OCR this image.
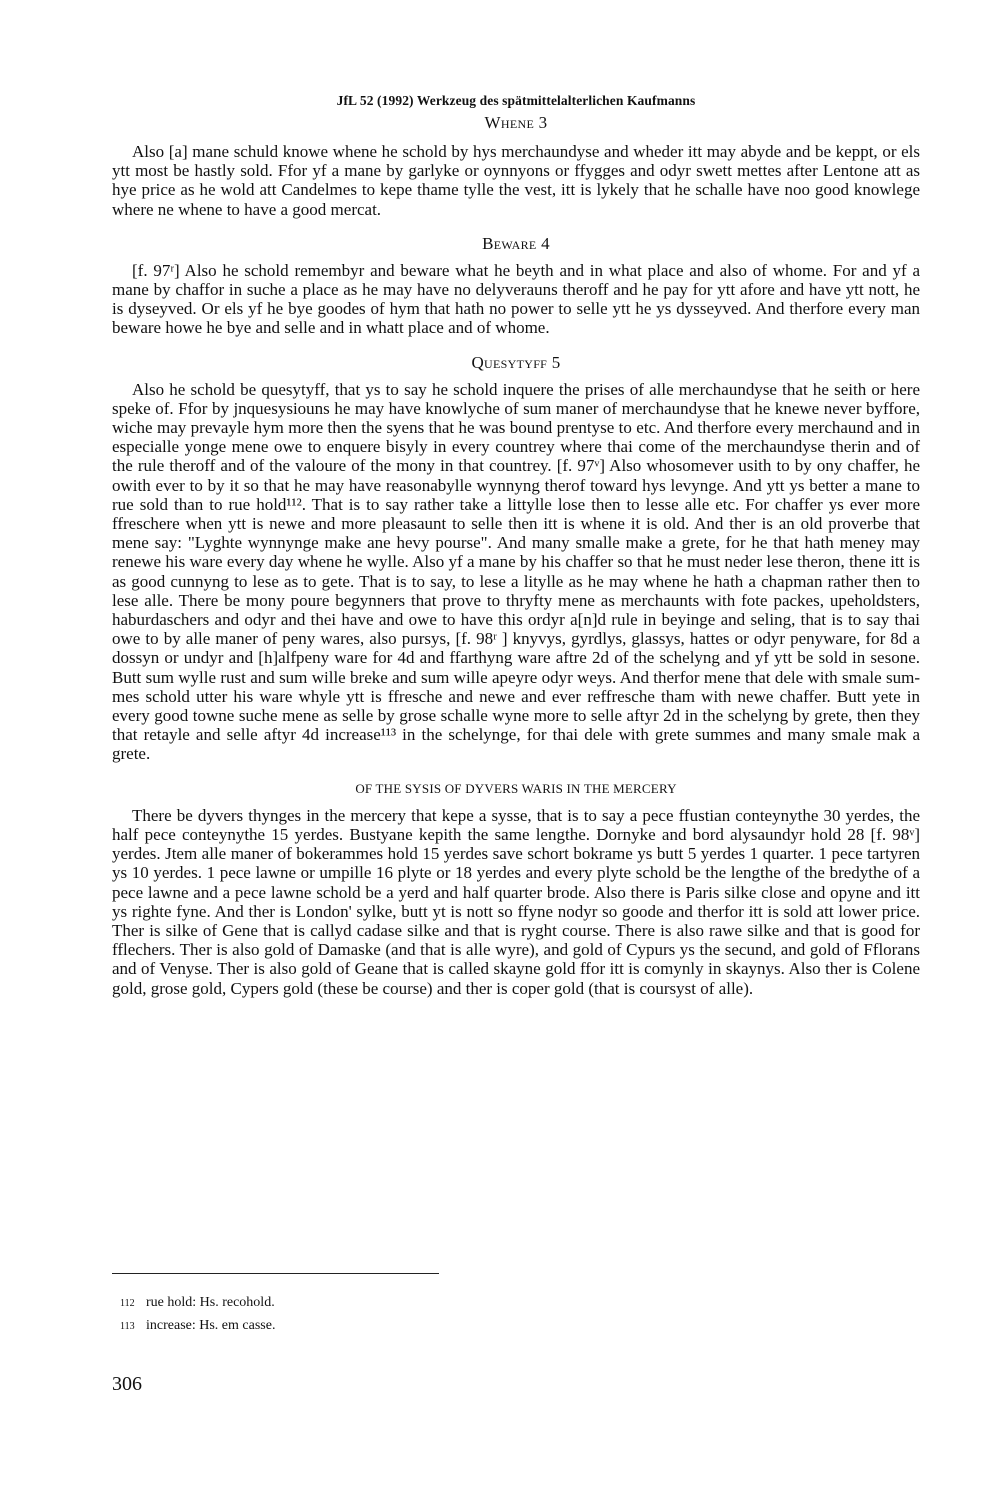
JfL 52 (1992) Werkzeug des spätmittelalterlichen Kaufmanns

Whene 3

Also [a] mane schuld knowe whene he schold by hys merchaundyse and wheder itt may abyde and be keppt, or els ytt most be hastly sold. Ffor yf a mane by garlyke or oynnyons or ffygges and odyr swett mettes after Lentone att as hye price as he wold att Candelmes to kepe thame tylle the vest, itt is lykely that he schalle have noo good knowlege where ne whene to have a good mercat.

Beware 4

[f. 97ʳ] Also he schold remembyr and beware what he beyth and in what place and also of whome. For and yf a mane by chaffor in suche a place as he may have no delyverauns theroff and he pay for ytt afore and have ytt nott, he is dyseyved. Or els yf he bye goodes of hym that hath no power to selle ytt he ys dysseyved. And therfore every man beware howe he bye and selle and in whatt place and of whome.

Quesytyff 5

Also he schold be quesytyff, that ys to say he schold inquere the prises of alle merchaundyse that he seith or here speke of. Ffor by jnquesysiouns he may have knowlyche of sum maner of merchaundyse that he knewe never byffore, wiche may prevayle hym more then the syens that he was bound prentyse to etc. And therfore every merchaund and in especialle yonge mene owe to enquere bisyly in every countrey where thai come of the merchaundyse therin and of the rule theroff and of the valoure of the mony in that countrey. [f. 97ᵛ] Also whosomever usith to by ony chaffer, he owith ever to by it so that he may have reasonabylle wynnyng therof toward hys levynge. And ytt ys better a mane to rue sold than to rue hold¹¹². That is to say rather take a littylle lose then to lesse alle etc. For chaffer ys ever more ffreschere when ytt is newe and more pleasaunt to selle then itt is whene it is old. And ther is an old proverbe that mene say: "Lyghte wynnynge make ane hevy pourse". And many smalle make a grete, for he that hath meney may renewe his ware every day whene he wylle. Also yf a mane by his chaffer so that he must neder lese theron, thene itt is as good cunnyng to lese as to gete. That is to say, to lese a lityllе as he may whene he hath a chapman rather then to lese alle. There be mony poure begynners that prove to thryfty mene as merchaunts with fote packes, upeholdsters, haburdaschers and odyr and thei have and owe to have this ordyr a[n]d rule in beyinge and seling, that is to say thai owe to by alle maner of peny wares, also pursys, [f. 98ʳ ] knyvys, gyrdlys, glassys, hattes or odyr penyware, for 8d a dossyn or undyr and [h]alfpeny ware for 4d and ffarthyng ware aftre 2d of the schelyng and yf ytt be sold in sesone. Butt sum wylle rust and sum wille breke and sum wille apeyre odyr weys. And therfor mene that dele with smale summes schold utter his ware whyle ytt is ffresche and newe and ever reffresche tham with newe chaffer. Butt yete in every good towne suche mene as selle by grose schalle wyne more to selle aftyr 2d in the schelyng by grete, then they that retayle and selle aftyr 4d increase¹¹³ in the schelynge, for thai dele with grete summes and many smale mak a grete.

OF THE SYSIS OF DYVERS WARIS IN THE MERCERY

There be dyvers thynges in the mercery that kepe a sysse, that is to say a pece ffustian conteynythe 30 yerdes, the half pece conteynythe 15 yerdes. Bustyane kepith the same lengthe. Dornyke and bord alysaundyr hold 28 [f. 98ᵛ] yerdes. Jtem alle maner of bokerammes hold 15 yerdes save schort bokrame ys butt 5 yerdes 1 quarter. 1 pece tartyren ys 10 yerdes. 1 pece lawne or umpille 16 plyte or 18 yerdes and every plyte schold be the lengthe of the bredythe of a pece lawne and a pece lawne schold be a yerd and half quarter brode. Also there is Paris silke close and opyne and itt ys righte fyne. And ther is London' sylke, butt yt is nott so ffyne nodyr so goode and therfor itt is sold att lower price. Ther is silke of Gene that is callyd cadase silke and that is ryght course. There is also rawe silke and that is good for fflechers. Ther is also gold of Damaske (and that is alle wyre), and gold of Cypurs ys the secund, and gold of Fflorans and of Venyse. Ther is also gold of Geane that is called skayne gold ffor itt is comynly in skaynys. Also ther is Colene gold, grose gold, Cypers gold (these be course) and ther is coper gold (that is coursyst of alle).

112 rue hold: Hs. recohold.

113 increase: Hs. em casse.

306
